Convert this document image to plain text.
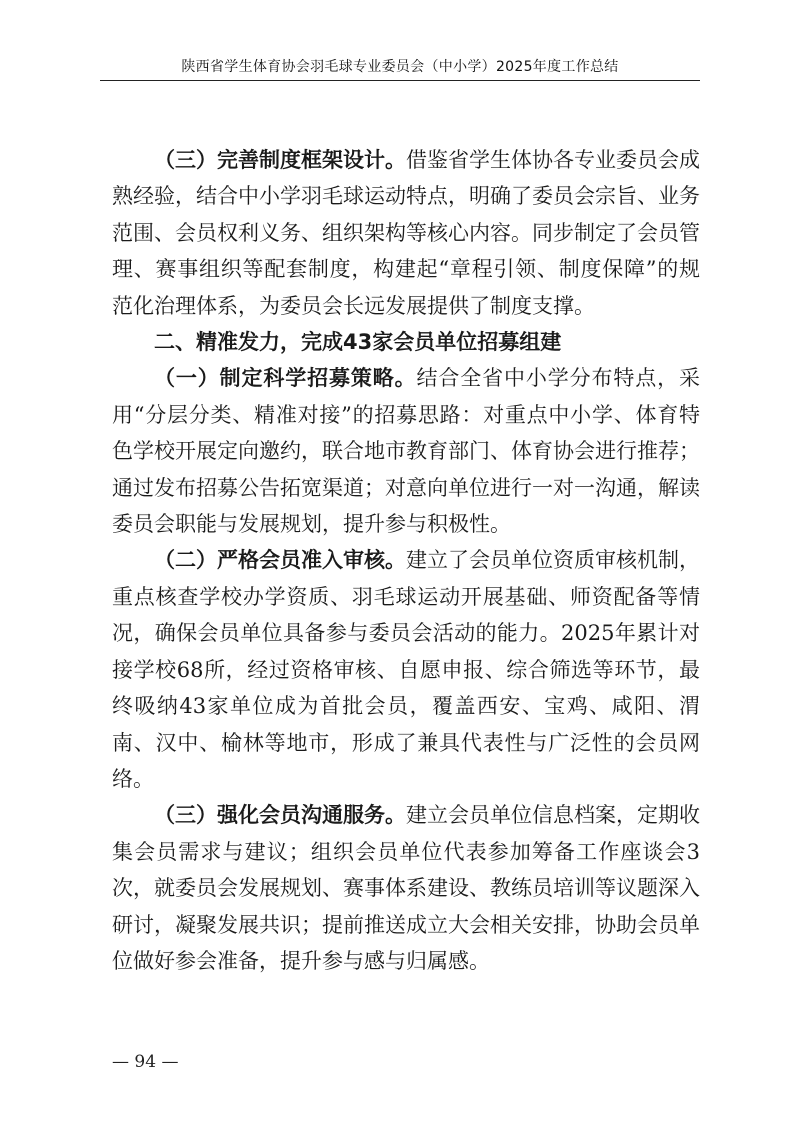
陕西省学生体育协会羽毛球专业委员会（中小学）2025年度工作总结

（三）完善制度框架设计。借鉴省学生体协各专业委员会成熟经验，结合中小学羽毛球运动特点，明确了委员会宗旨、业务范围、会员权利义务、组织架构等核心内容。同步制定了会员管理、赛事组织等配套制度，构建起“章程引领、制度保障”的规范化治理体系，为委员会长远发展提供了制度支撑。

二、精准发力，完成43家会员单位招募组建

（一）制定科学招募策略。结合全省中小学分布特点，采用“分层分类、精准对接”的招募思路：对重点中小学、体育特色学校开展定向邀约，联合地市教育部门、体育协会进行推荐；通过发布招募公告拓宽渠道；对意向单位进行一对一沟通，解读委员会职能与发展规划，提升参与积极性。

（二）严格会员准入审核。建立了会员单位资质审核机制，重点核查学校办学资质、羽毛球运动开展基础、师资配备等情况，确保会员单位具备参与委员会活动的能力。2025年累计对接学校68所，经过资格审核、自愿申报、综合筛选等环节，最终吸纳43家单位成为首批会员，覆盖西安、宝鸡、咸阳、渭南、汉中、榆林等地市，形成了兼具代表性与广泛性的会员网络。

（三）强化会员沟通服务。建立会员单位信息档案，定期收集会员需求与建议；组织会员单位代表参加筹备工作座谈会3次，就委员会发展规划、赛事体系建设、教练员培训等议题深入研讨，凝聚发展共识；提前推送成立大会相关安排，协助会员单位做好参会准备，提升参与感与归属感。

— 94 —
